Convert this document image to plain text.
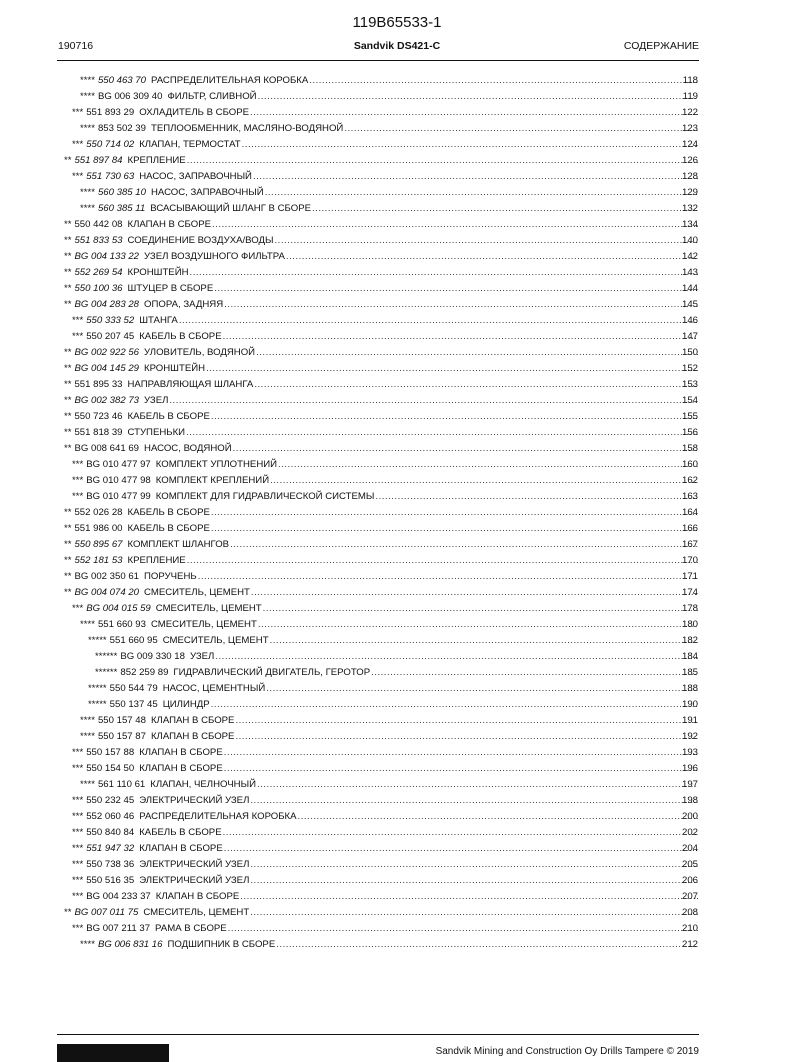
119B65533-1
190716	Sandvik DS421-C	СОДЕРЖАНИЕ
**** 550 463 70 РАСПРЕДЕЛИТЕЛЬНАЯ КОРОБКА .....	118
**** BG 006 309 40 ФИЛЬТР, СЛИВНОЙ .....	119
*** 551 893 29 ОХЛАДИТЕЛЬ В СБОРЕ .....	122
**** 853 502 39 ТЕПЛООБМЕННИК, МАСЛЯНО-ВОДЯНОЙ .....	123
*** 550 714 02 КЛАПАН, ТЕРМОСТАТ .....	124
** 551 897 84 КРЕПЛЕНИЕ .....	126
*** 551 730 63 НАСОС, ЗАПРАВОЧНЫЙ .....	128
**** 560 385 10 НАСОС, ЗАПРАВОЧНЫЙ .....	129
**** 560 385 11 ВСАСЫВАЮЩИЙ ШЛАНГ В СБОРЕ .....	132
** 550 442 08 КЛАПАН В СБОРЕ .....	134
** 551 833 53 СОЕДИНЕНИЕ ВОЗДУХА/ВОДЫ .....	140
** BG 004 133 22 УЗЕЛ ВОЗДУШНОГО ФИЛЬТРА .....	142
** 552 269 54 КРОНШТЕЙН .....	143
** 550 100 36 ШТУЦЕР В СБОРЕ .....	144
** BG 004 283 28 ОПОРА, ЗАДНЯЯ .....	145
*** 550 333 52 ШТАНГА .....	146
*** 550 207 45 КАБЕЛЬ В СБОРЕ .....	147
** BG 002 922 56 УЛОВИТЕЛЬ, ВОДЯНОЙ .....	150
** BG 004 145 29 КРОНШТЕЙН .....	152
** 551 895 33 НАПРАВЛЯЮЩАЯ ШЛАНГА .....	153
** BG 002 382 73 УЗЕЛ .....	154
** 550 723 46 КАБЕЛЬ В СБОРЕ .....	155
** 551 818 39 СТУПЕНЬКИ .....	156
** BG 008 641 69 НАСОС, ВОДЯНОЙ .....	158
*** BG 010 477 97 КОМПЛЕКТ УПЛОТНЕНИЙ .....	160
*** BG 010 477 98 КОМПЛЕКТ КРЕПЛЕНИЙ .....	162
*** BG 010 477 99 КОМПЛЕКТ ДЛЯ ГИДРАВЛИЧЕСКОЙ СИСТЕМЫ .....	163
** 552 026 28 КАБЕЛЬ В СБОРЕ .....	164
** 551 986 00 КАБЕЛЬ В СБОРЕ .....	166
** 550 895 67 КОМПЛЕКТ ШЛАНГОВ .....	167
** 552 181 53 КРЕПЛЕНИЕ .....	170
** BG 002 350 61 ПОРУЧЕНЬ .....	171
** BG 004 074 20 СМЕСИТЕЛЬ, ЦЕМЕНТ .....	174
*** BG 004 015 59 СМЕСИТЕЛЬ, ЦЕМЕНТ .....	178
**** 551 660 93 СМЕСИТЕЛЬ, ЦЕМЕНТ .....	180
***** 551 660 95 СМЕСИТЕЛЬ, ЦЕМЕНТ .....	182
****** BG 009 330 18 УЗЕЛ .....	184
****** 852 259 89 ГИДРАВЛИЧЕСКИЙ ДВИГАТЕЛЬ, ГЕРОТОР .....	185
***** 550 544 79 НАСОС, ЦЕМЕНТНЫЙ .....	188
***** 550 137 45 ЦИЛИНДР .....	190
**** 550 157 48 КЛАПАН В СБОРЕ .....	191
**** 550 157 87 КЛАПАН В СБОРЕ .....	192
*** 550 157 88 КЛАПАН В СБОРЕ .....	193
*** 550 154 50 КЛАПАН В СБОРЕ .....	196
**** 561 110 61 КЛАПАН, ЧЕЛНОЧНЫЙ .....	197
*** 550 232 45 ЭЛЕКТРИЧЕСКИЙ УЗЕЛ .....	198
*** 552 060 46 РАСПРЕДЕЛИТЕЛЬНАЯ КОРОБКА .....	200
*** 550 840 84 КАБЕЛЬ В СБОРЕ .....	202
*** 551 947 32 КЛАПАН В СБОРЕ .....	204
*** 550 738 36 ЭЛЕКТРИЧЕСКИЙ УЗЕЛ .....	205
*** 550 516 35 ЭЛЕКТРИЧЕСКИЙ УЗЕЛ .....	206
*** BG 004 233 37 КЛАПАН В СБОРЕ .....	207
** BG 007 011 75 СМЕСИТЕЛЬ, ЦЕМЕНТ .....	208
*** BG 007 211 37 РАМА В СБОРЕ .....	210
**** BG 006 831 16 ПОДШИПНИК В СБОРЕ .....	212
Sandvik Mining and Construction Oy Drills Tampere © 2019
